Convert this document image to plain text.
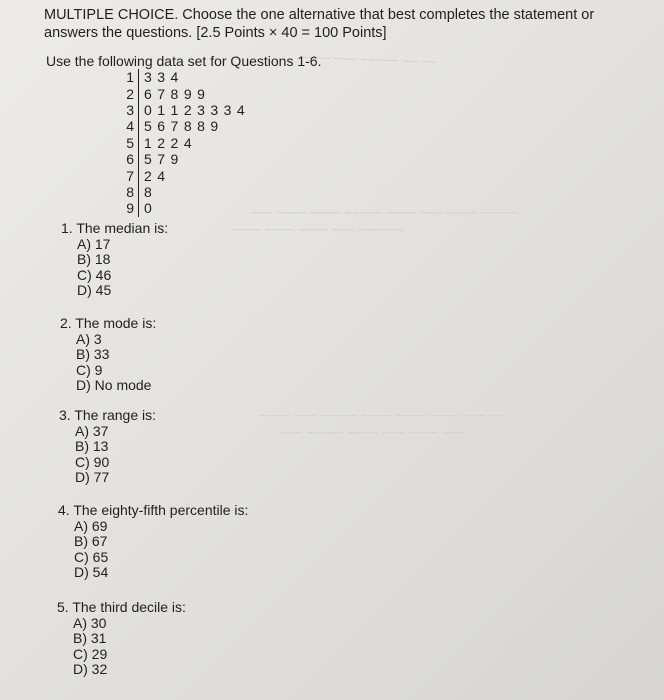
~~~~ ~~~ ~~~~~ ~~ ~~
~~~ ~~~~ ~~~~ ~~~~~ ~~~~ ~~~ ~~~~ ~~~~~
~~~~ ~~~~ ~~~~ ~~~ ~~~~~~
~~~~ ~~~ ~~~~~ ~~~~ ~~~~ ~~~~ ~~~ ~~
~~~ ~~~~~ ~~~~ ~~~ ~~~~ ~~~
MULTIPLE CHOICE. Choose the one alternative that best completes the statement or
answers the questions. [2.5 Points × 40 = 100 Points]
Use the following data set for Questions 1-6.
1	3 3 4
2	6 7 8 9 9
3	0 1 1 2 3 3 3 4
4	5 6 7 8 8 9
5	1 2 2 4
6	5 7 9
7	2 4
8	8
9	0
1. The median is:
A) 17
B) 18
C) 46
D) 45
2. The mode is:
A) 3
B) 33
C) 9
D) No mode
3. The range is:
A) 37
B) 13
C) 90
D) 77
4. The eighty-fifth percentile is:
A) 69
B) 67
C) 65
D) 54
5. The third decile is:
A) 30
B) 31
C) 29
D) 32
